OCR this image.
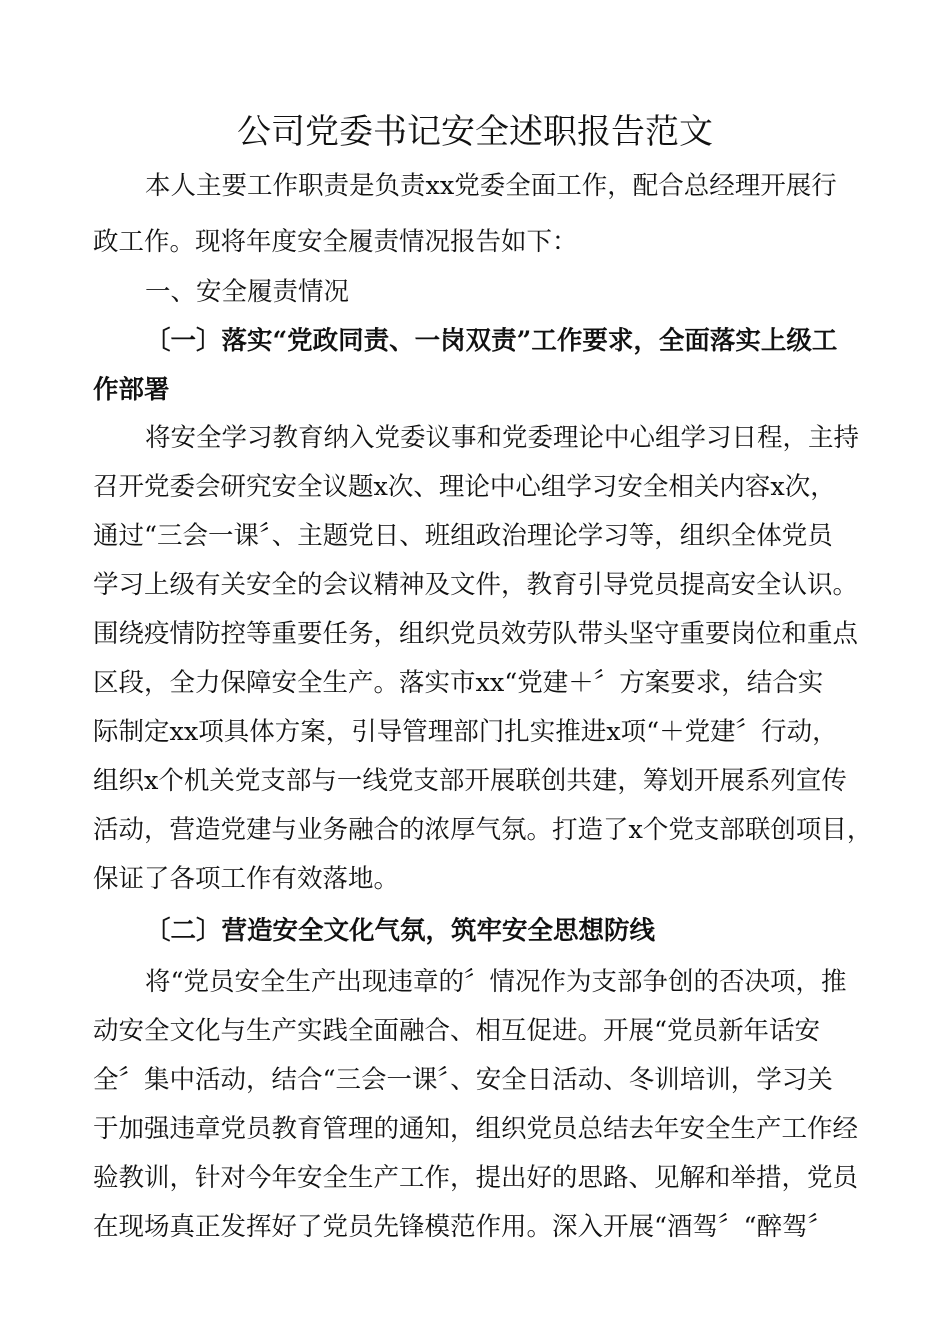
公司党委书记安全述职报告范文
本人主要工作职责是负责xx党委全面工作，配合总经理开展行
政工作。现将年度安全履责情况报告如下：
一、安全履责情况
〔一〕落实“党政同责、一岗双责”工作要求，全面落实上级工
作部署
将安全学习教育纳入党委议事和党委理论中心组学习日程，主持
召开党委会研究安全议题x次、理论中心组学习安全相关内容x次，
通过“三会一课〞、主题党日、班组政治理论学习等，组织全体党员
学习上级有关安全的会议精神及文件，教育引导党员提高安全认识。
围绕疫情防控等重要任务，组织党员效劳队带头坚守重要岗位和重点
区段，全力保障安全生产。落实市xx“党建＋〞方案要求，结合实
际制定xx项具体方案，引导管理部门扎实推进x项“＋党建〞行动，
组织x个机关党支部与一线党支部开展联创共建，筹划开展系列宣传
活动，营造党建与业务融合的浓厚气氛。打造了x个党支部联创项目，
保证了各项工作有效落地。
〔二〕营造安全文化气氛，筑牢安全思想防线
将“党员安全生产出现违章的〞情况作为支部争创的否决项，推
动安全文化与生产实践全面融合、相互促进。开展“党员新年话安
全〞集中活动，结合“三会一课〞、安全日活动、冬训培训，学习关
于加强违章党员教育管理的通知，组织党员总结去年安全生产工作经
验教训，针对今年安全生产工作，提出好的思路、见解和举措，党员
在现场真正发挥好了党员先锋模范作用。深入开展“酒驾〞“醉驾〞
